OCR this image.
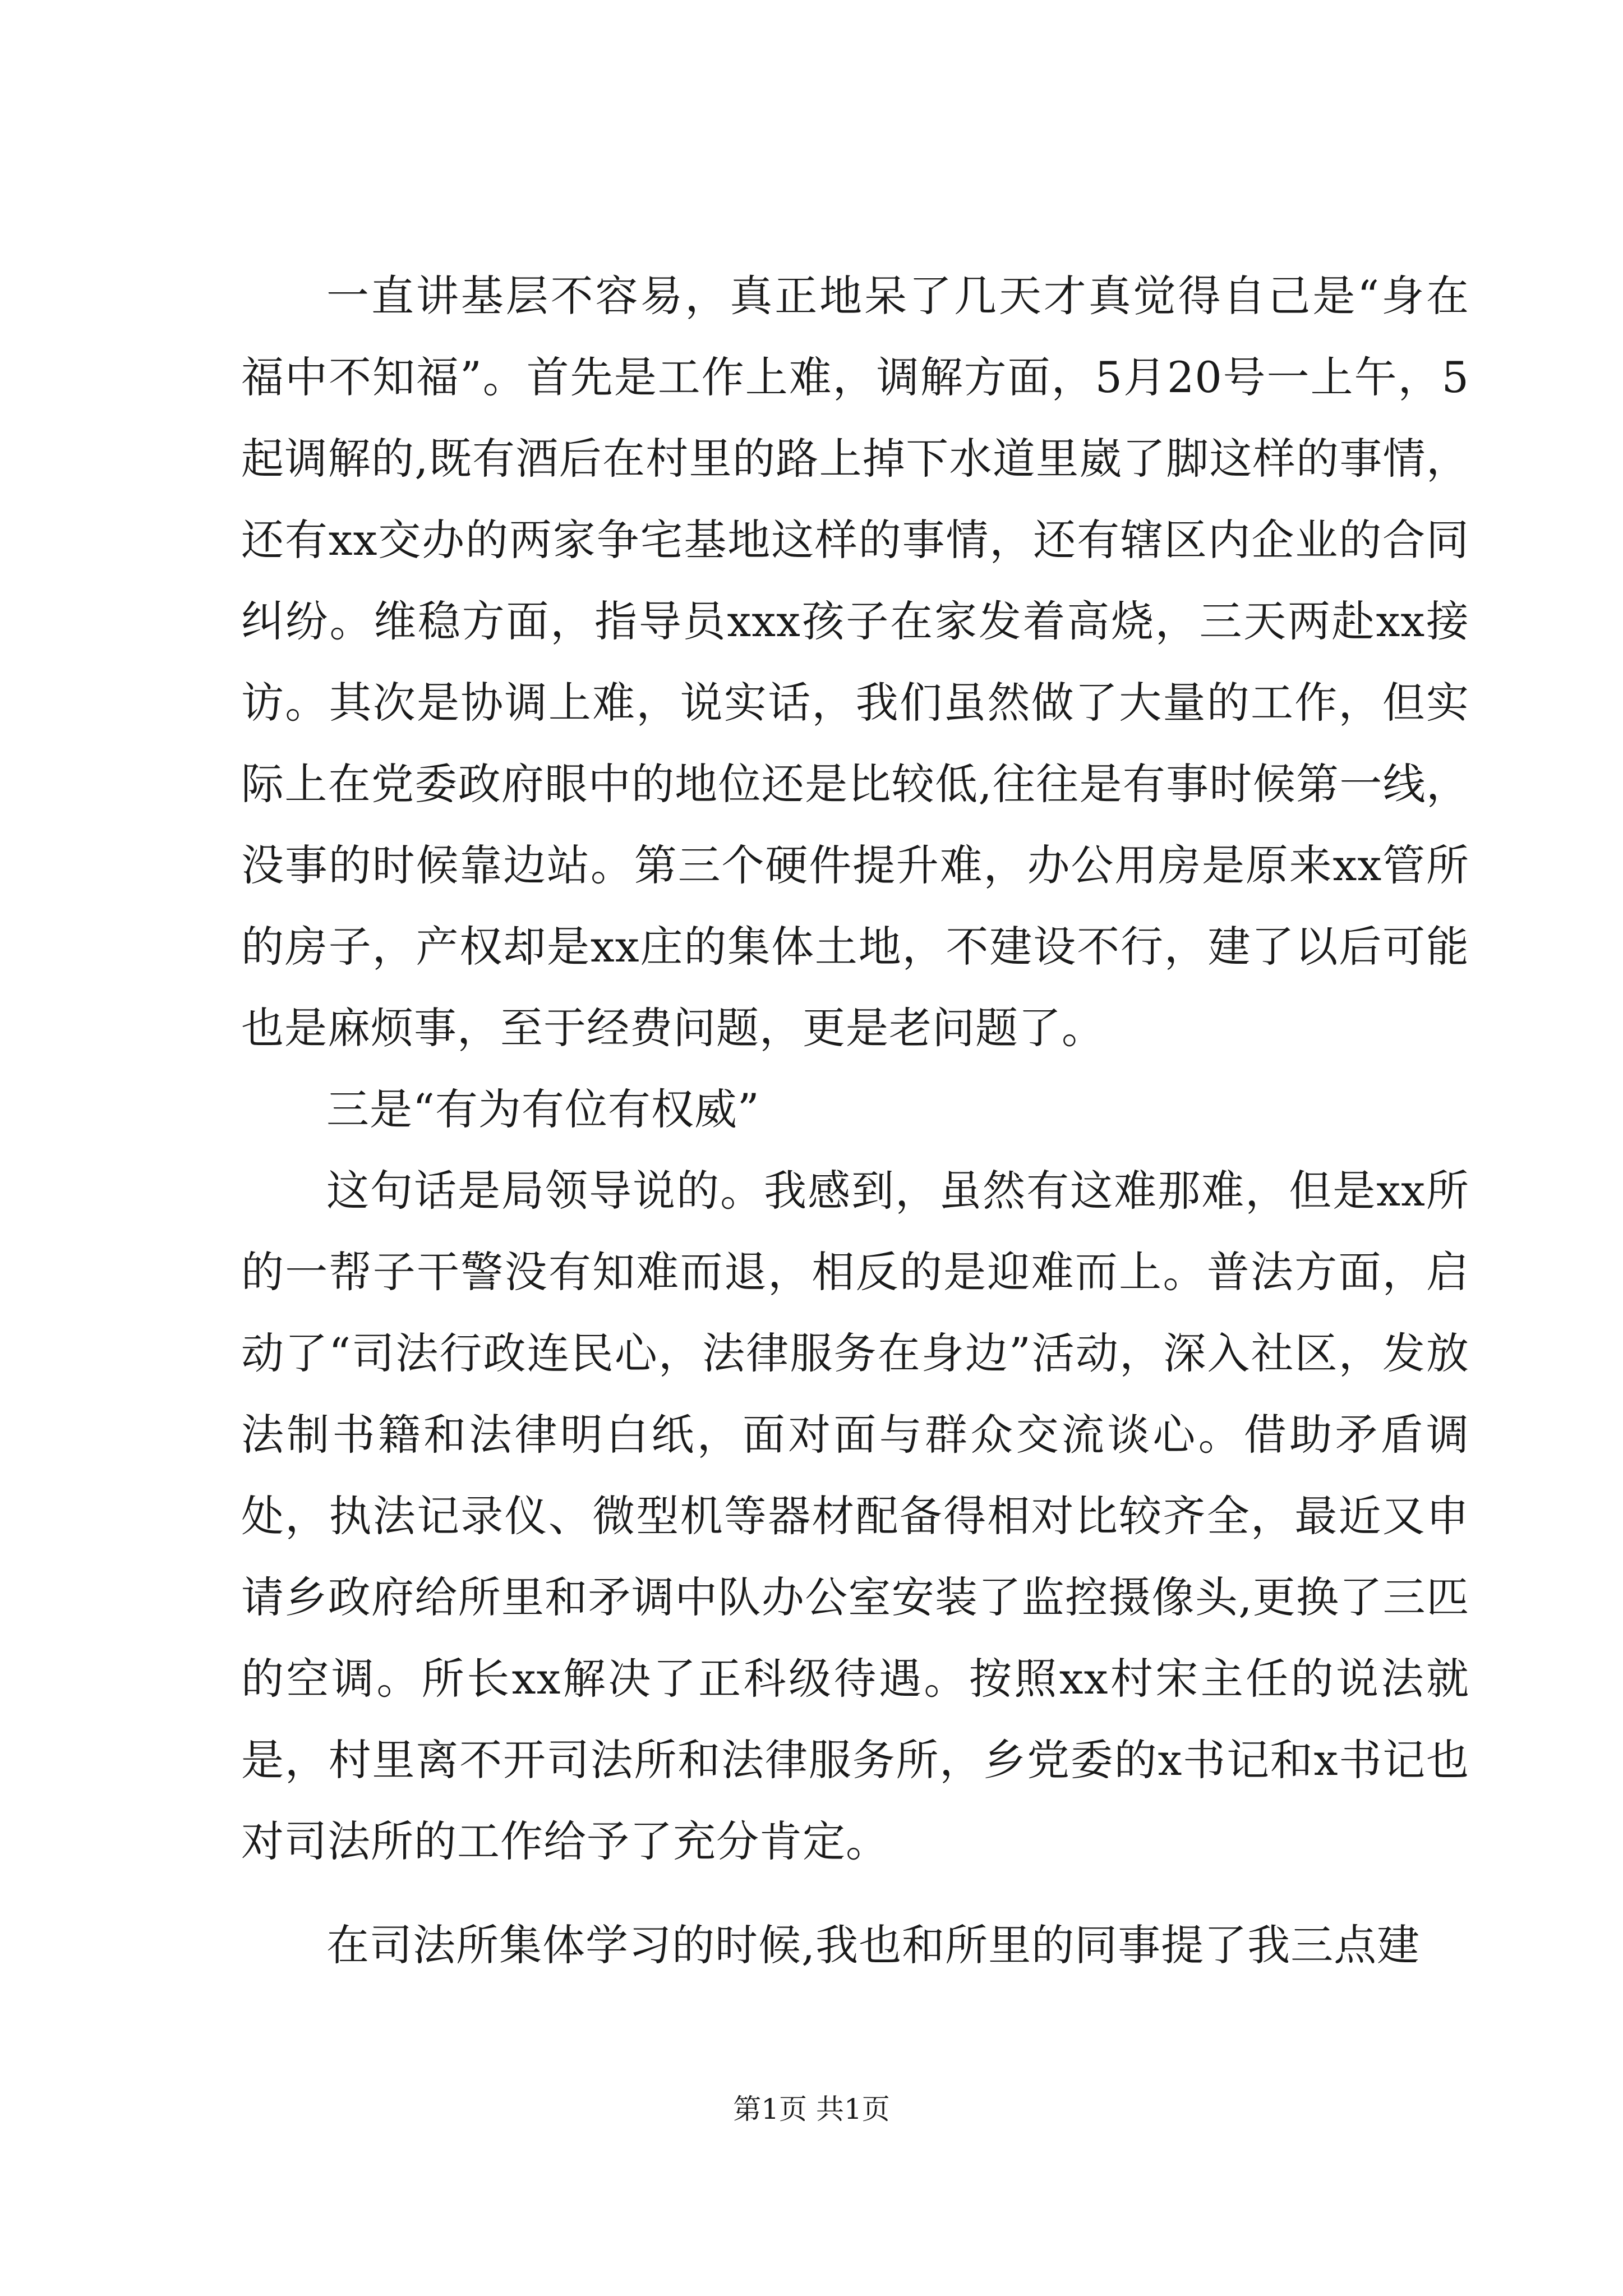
一直讲基层不容易，真正地呆了几天才真觉得自己是“身在福中不知福”。首先是工作上难，调解方面，5月20号一上午，5起调解的,既有酒后在村里的路上掉下水道里崴了脚这样的事情，还有xx交办的两家争宅基地这样的事情，还有辖区内企业的合同纠纷。维稳方面，指导员xxx孩子在家发着高烧，三天两赴xx接访。其次是协调上难，说实话，我们虽然做了大量的工作，但实际上在党委政府眼中的地位还是比较低,往往是有事时候第一线，没事的时候靠边站。第三个硬件提升难，办公用房是原来xx管所的房子，产权却是xx庄的集体土地，不建设不行，建了以后可能也是麻烦事，至于经费问题，更是老问题了。

三是“有为有位有权威”

这句话是局领导说的。我感到，虽然有这难那难，但是xx所的一帮子干警没有知难而退，相反的是迎难而上。普法方面，启动了“司法行政连民心，法律服务在身边”活动，深入社区，发放法制书籍和法律明白纸，面对面与群众交流谈心。借助矛盾调处，执法记录仪、微型机等器材配备得相对比较齐全，最近又申请乡政府给所里和矛调中队办公室安装了监控摄像头,更换了三匹的空调。所长xx解决了正科级待遇。按照xx村宋主任的说法就是，村里离不开司法所和法律服务所，乡党委的x书记和x书记也对司法所的工作给予了充分肯定。

在司法所集体学习的时候,我也和所里的同事提了我三点建

第1页 共1页
